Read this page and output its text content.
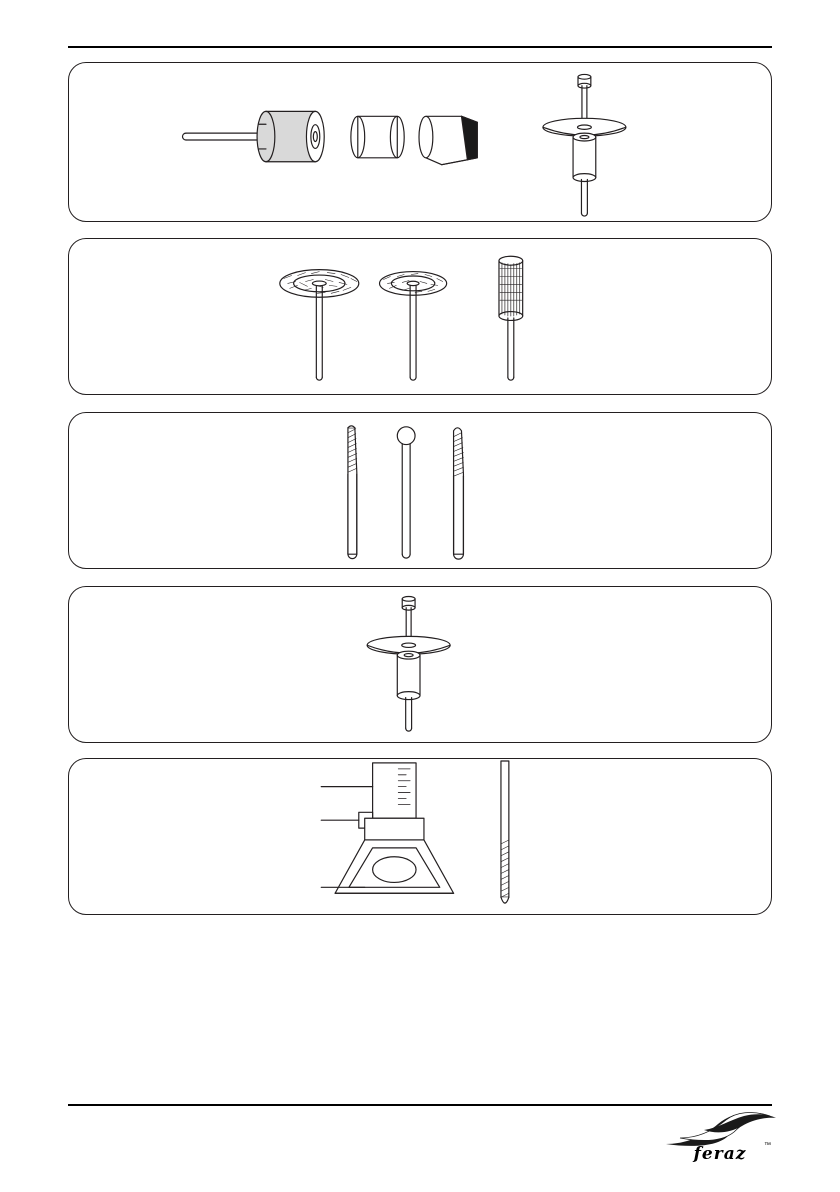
feraz	™
